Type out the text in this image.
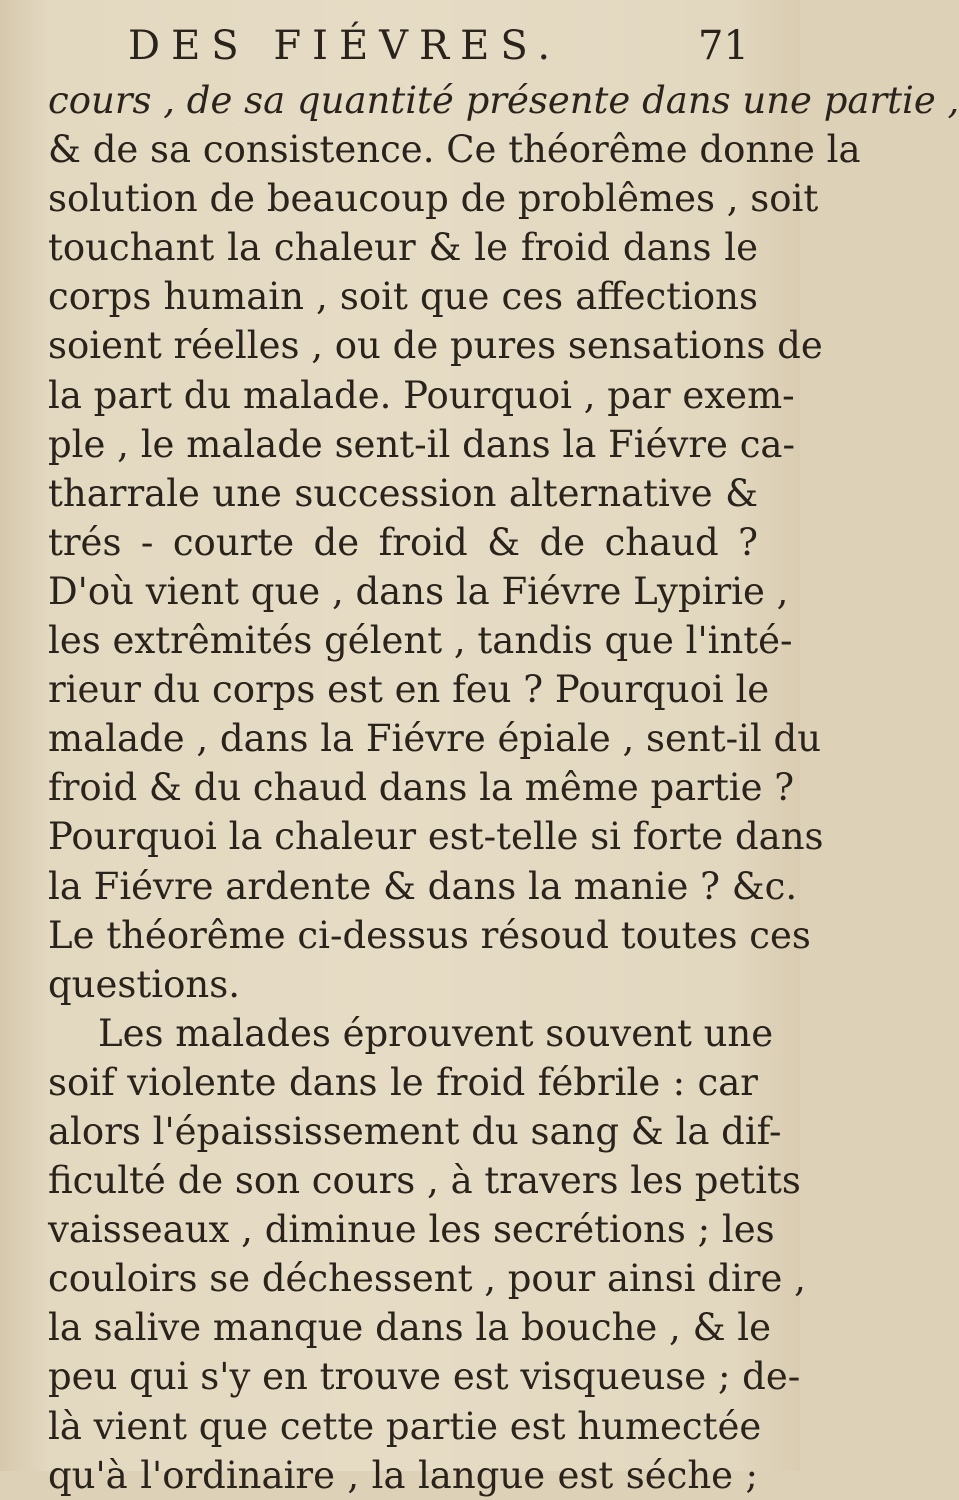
DES FIÉVRES.	71
cours , de sa quantité présente dans une partie ,
& de sa consistence. Ce théorême donne la
solution de beaucoup de problêmes , soit
touchant la chaleur & le froid dans le
corps humain , soit que ces affections
soient réelles , ou de pures sensations de
la part du malade. Pourquoi , par exem-
ple , le malade sent-il dans la Fiévre ca-
tharrale une succession alternative &
trés - courte de froid & de chaud ?
D'où vient que , dans la Fiévre Lypirie ,
les extrêmités gélent , tandis que l'inté-
rieur du corps est en feu ? Pourquoi le
malade , dans la Fiévre épiale , sent-il du
froid & du chaud dans la même partie ?
Pourquoi la chaleur est-telle si forte dans
la Fiévre ardente & dans la manie ? &c.
Le théorême ci-dessus résoud toutes ces
questions.
Les malades éprouvent souvent une
soif violente dans le froid fébrile : car
alors l'épaississement du sang & la dif-
ficulté de son cours , à travers les petits
vaisseaux , diminue les secrétions ; les
couloirs se déchessent , pour ainsi dire ,
la salive manque dans la bouche , & le
peu qui s'y en trouve est visqueuse ; de-
là vient que cette partie est humectée
qu'à l'ordinaire , la langue est séche ;
